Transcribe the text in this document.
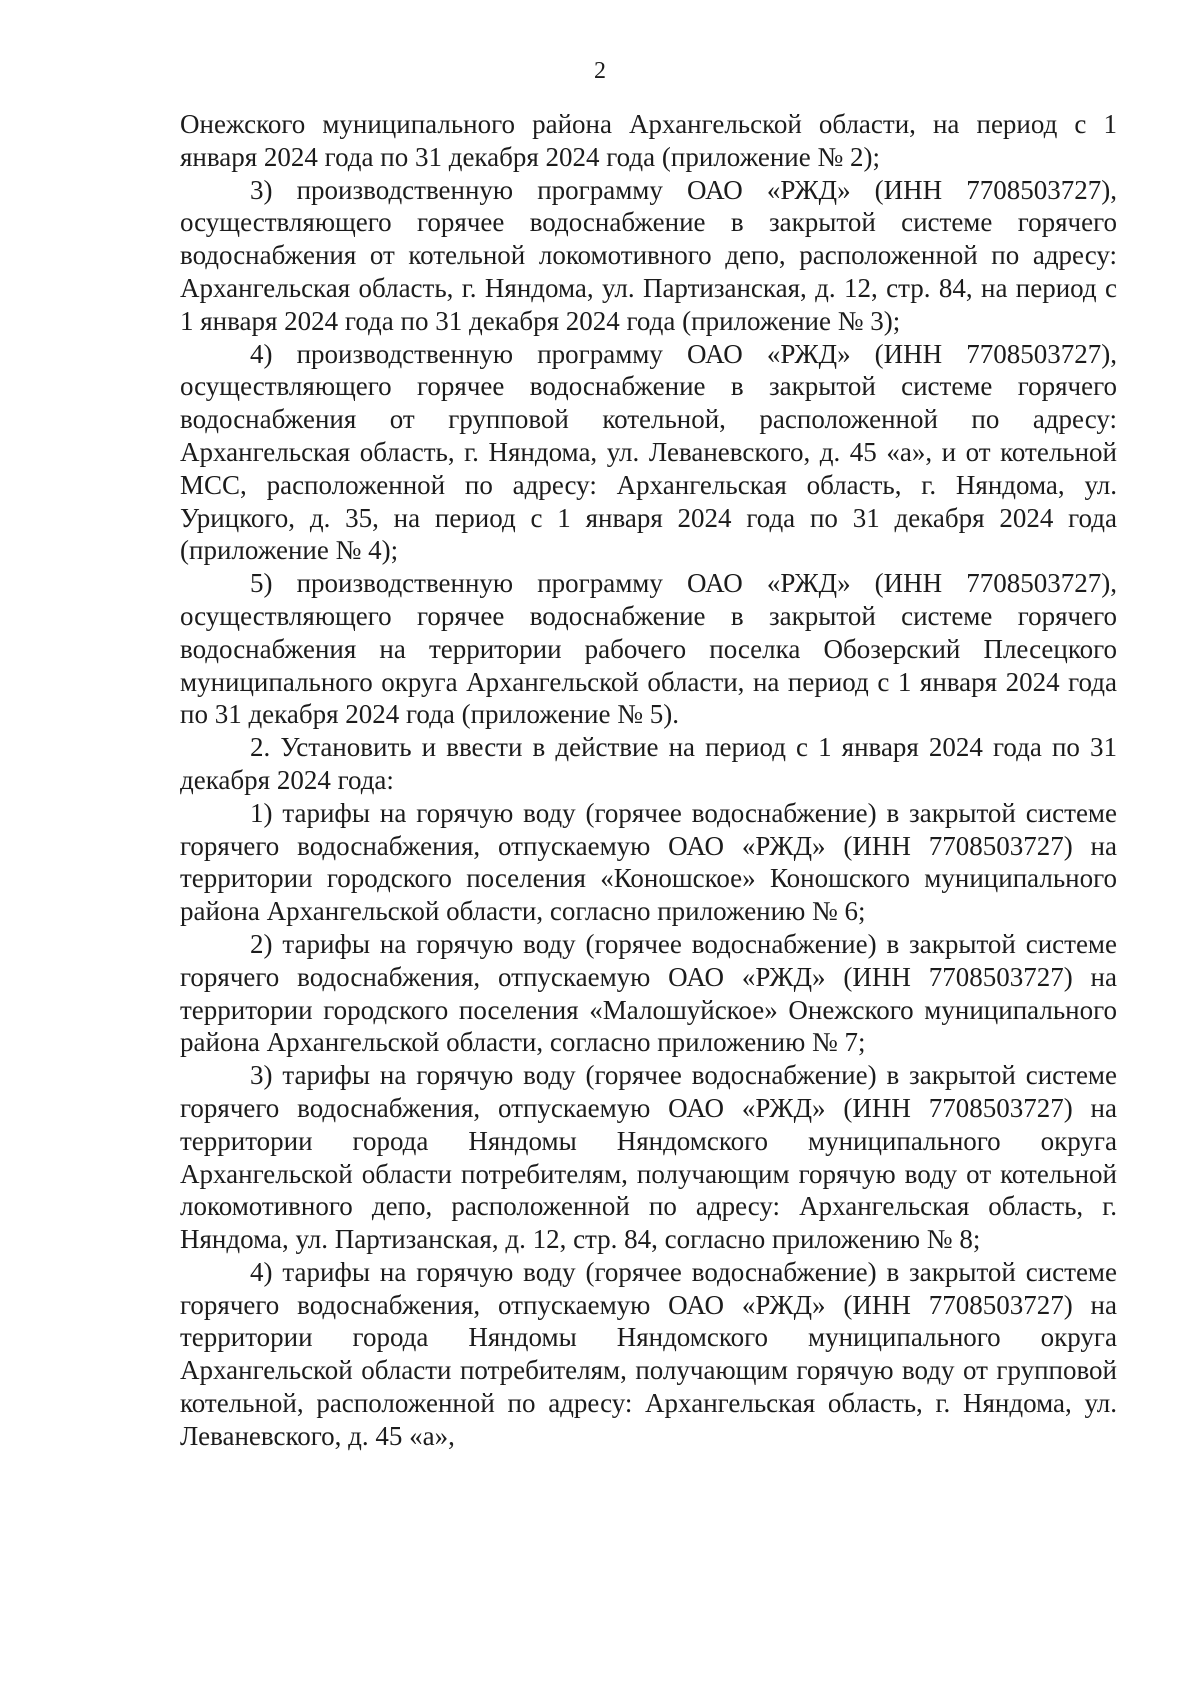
2

Онежского муниципального района Архангельской области, на период с 1 января 2024 года по 31 декабря 2024 года (приложение № 2);

3) производственную программу ОАО «РЖД» (ИНН 7708503727), осуществляющего горячее водоснабжение в закрытой системе горячего водоснабжения от котельной локомотивного депо, расположенной по адресу: Архангельская область, г. Няндома, ул. Партизанская, д. 12, стр. 84, на период с 1 января 2024 года по 31 декабря 2024 года (приложение № 3);

4) производственную программу ОАО «РЖД» (ИНН 7708503727), осуществляющего горячее водоснабжение в закрытой системе горячего водоснабжения от групповой котельной, расположенной по адресу: Архангельская область, г. Няндома, ул. Леваневского, д. 45 «а», и от котельной МСС, расположенной по адресу: Архангельская область, г. Няндома, ул. Урицкого, д. 35, на период с 1 января 2024 года по 31 декабря 2024 года (приложение № 4);

5) производственную программу ОАО «РЖД» (ИНН 7708503727), осуществляющего горячее водоснабжение в закрытой системе горячего водоснабжения на территории рабочего поселка Обозерский Плесецкого муниципального округа Архангельской области, на период с 1 января 2024 года по 31 декабря 2024 года (приложение № 5).

2. Установить и ввести в действие на период с 1 января 2024 года по 31 декабря 2024 года:

1) тарифы на горячую воду (горячее водоснабжение) в закрытой системе горячего водоснабжения, отпускаемую ОАО «РЖД» (ИНН 7708503727) на территории городского поселения «Коношское» Коношского муниципального района Архангельской области, согласно приложению № 6;

2) тарифы на горячую воду (горячее водоснабжение) в закрытой системе горячего водоснабжения, отпускаемую ОАО «РЖД» (ИНН 7708503727) на территории городского поселения «Малошуйское» Онежского муниципального района Архангельской области, согласно приложению № 7;

3) тарифы на горячую воду (горячее водоснабжение) в закрытой системе горячего водоснабжения, отпускаемую ОАО «РЖД» (ИНН 7708503727) на территории города Няндомы Няндомского муниципального округа Архангельской области потребителям, получающим горячую воду от котельной локомотивного депо, расположенной по адресу: Архангельская область, г. Няндома, ул. Партизанская, д. 12, стр. 84, согласно приложению № 8;

4) тарифы на горячую воду (горячее водоснабжение) в закрытой системе горячего водоснабжения, отпускаемую ОАО «РЖД» (ИНН 7708503727) на территории города Няндомы Няндомского муниципального округа Архангельской области потребителям, получающим горячую воду от групповой котельной, расположенной по адресу: Архангельская область, г. Няндома, ул. Леваневского, д. 45 «а»,
